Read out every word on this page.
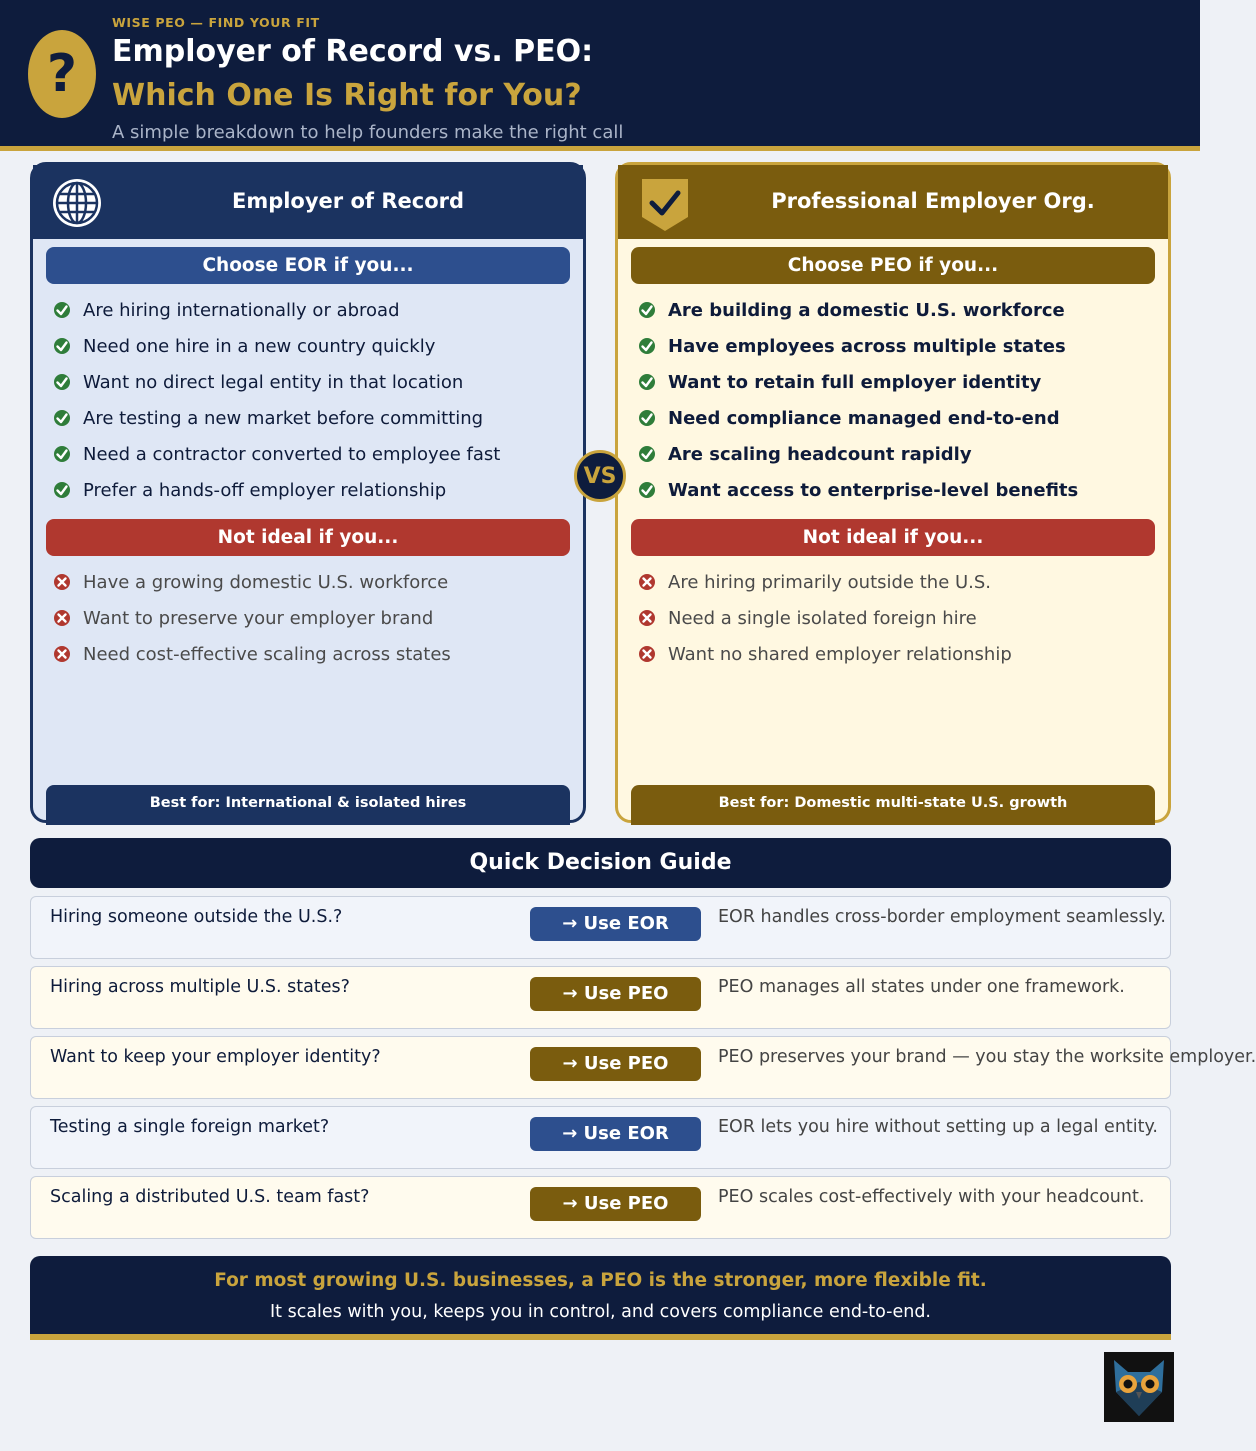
?
WISE PEO — FIND YOUR FIT
Employer of Record vs. PEO:
Which One Is Right for You?
A simple breakdown to help founders make the right call
Employer of Record
Choose EOR if you...
Are hiring internationally or abroad
Need one hire in a new country quickly
Want no direct legal entity in that location
Are testing a new market before committing
Need a contractor converted to employee fast
Prefer a hands-off employer relationship
Not ideal if you...
Have a growing domestic U.S. workforce
Want to preserve your employer brand
Need cost-effective scaling across states
Best for: International & isolated hires
VS
Professional Employer Org.
Choose PEO if you...
Are building a domestic U.S. workforce
Have employees across multiple states
Want to retain full employer identity
Need compliance managed end-to-end
Are scaling headcount rapidly
Want access to enterprise-level benefits
Not ideal if you...
Are hiring primarily outside the U.S.
Need a single isolated foreign hire
Want no shared employer relationship
Best for: Domestic multi-state U.S. growth
Quick Decision Guide
Hiring someone outside the U.S.?	→ Use EOR	EOR handles cross-border employment seamlessly.
Hiring across multiple U.S. states?	→ Use PEO	PEO manages all states under one framework.
Want to keep your employer identity?	→ Use PEO	PEO preserves your brand — you stay the worksite employer.
Testing a single foreign market?	→ Use EOR	EOR lets you hire without setting up a legal entity.
Scaling a distributed U.S. team fast?	→ Use PEO	PEO scales cost-effectively with your headcount.
For most growing U.S. businesses, a PEO is the stronger, more flexible fit.
It scales with you, keeps you in control, and covers compliance end-to-end.
